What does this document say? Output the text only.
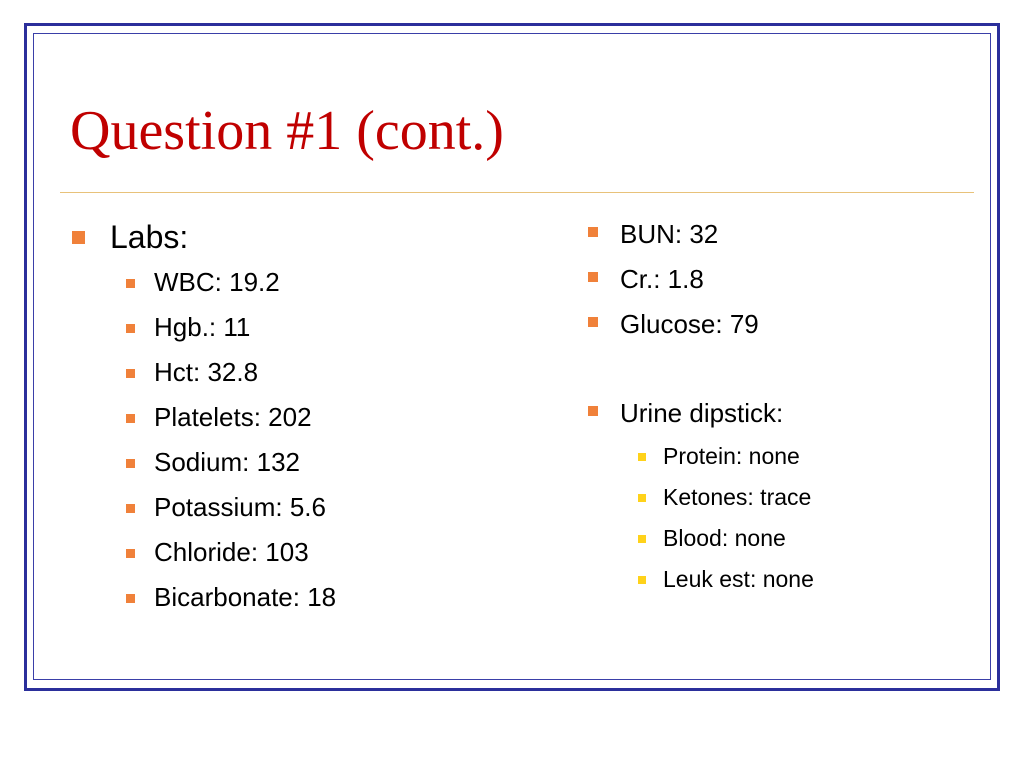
Question #1 (cont.)
Labs:
WBC: 19.2
Hgb.: 11
Hct: 32.8
Platelets: 202
Sodium: 132
Potassium: 5.6
Chloride: 103
Bicarbonate: 18
BUN: 32
Cr.: 1.8
Glucose: 79
Urine dipstick:
Protein: none
Ketones: trace
Blood: none
Leuk est: none
